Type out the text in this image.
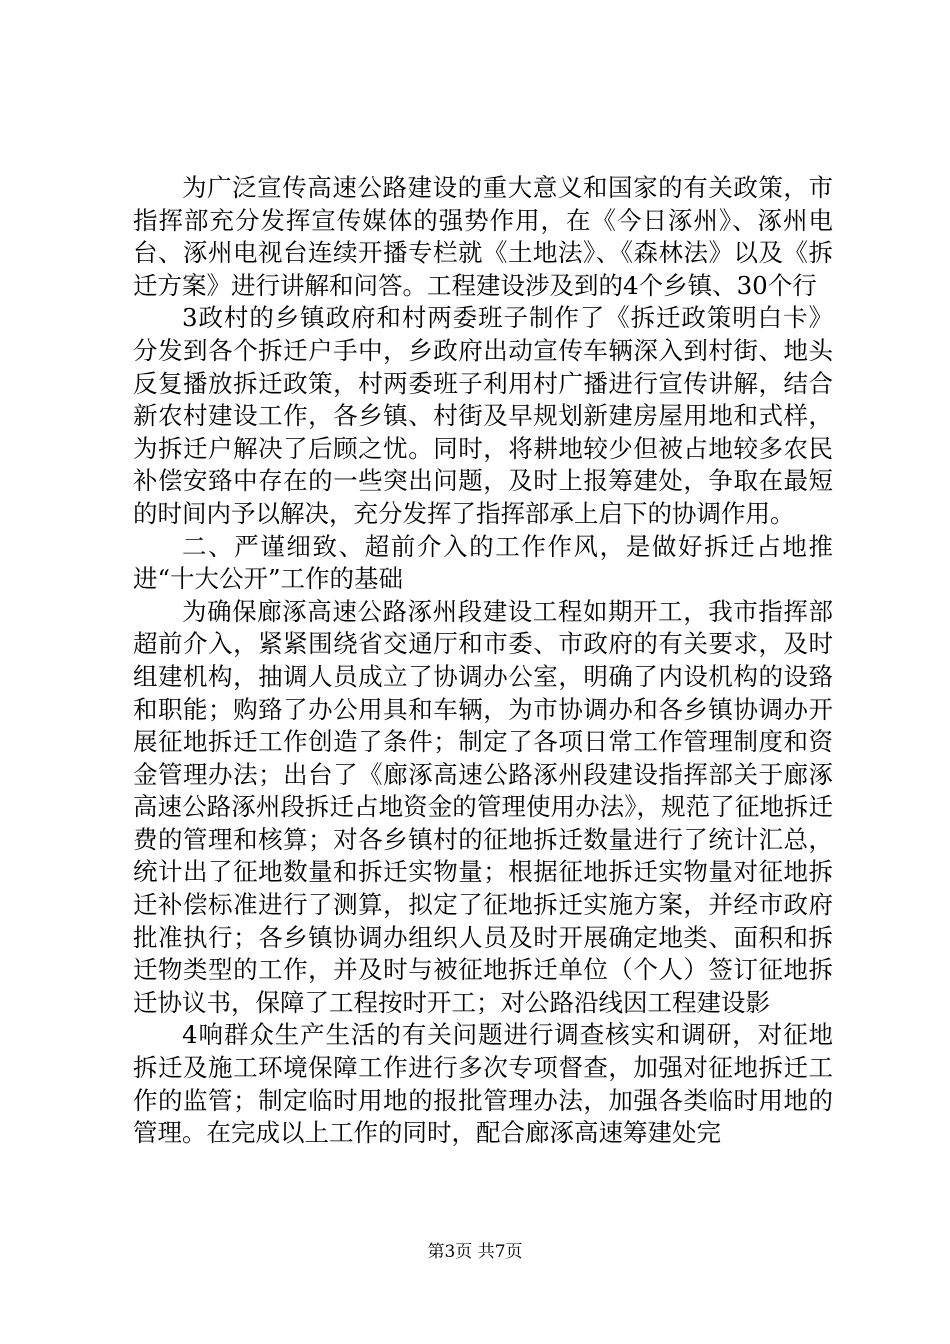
为广泛宣传高速公路建设的重大意义和国家的有关政策，市指挥部充分发挥宣传媒体的强势作用，在《今日涿州》、涿州电台、涿州电视台连续开播专栏就《土地法》、《森林法》以及《拆迁方案》进行讲解和问答。工程建设涉及到的4个乡镇、30个行

3政村的乡镇政府和村两委班子制作了《拆迁政策明白卡》分发到各个拆迁户手中，乡政府出动宣传车辆深入到村街、地头反复播放拆迁政策，村两委班子利用村广播进行宣传讲解，结合新农村建设工作，各乡镇、村街及早规划新建房屋用地和式样，为拆迁户解决了后顾之忧。同时，将耕地较少但被占地较多农民补偿安臵中存在的一些突出问题，及时上报筹建处，争取在最短的时间内予以解决，充分发挥了指挥部承上启下的协调作用。

二、严谨细致、超前介入的工作作风，是做好拆迁占地推进“十大公开”工作的基础

为确保廊涿高速公路涿州段建设工程如期开工，我市指挥部超前介入，紧紧围绕省交通厅和市委、市政府的有关要求，及时组建机构，抽调人员成立了协调办公室，明确了内设机构的设臵和职能；购臵了办公用具和车辆，为市协调办和各乡镇协调办开展征地拆迁工作创造了条件；制定了各项日常工作管理制度和资金管理办法；出台了《廊涿高速公路涿州段建设指挥部关于廊涿高速公路涿州段拆迁占地资金的管理使用办法》，规范了征地拆迁费的管理和核算；对各乡镇村的征地拆迁数量进行了统计汇总，统计出了征地数量和拆迁实物量；根据征地拆迁实物量对征地拆迁补偿标准进行了测算，拟定了征地拆迁实施方案，并经市政府批准执行；各乡镇协调办组织人员及时开展确定地类、面积和拆迁物类型的工作，并及时与被征地拆迁单位（个人）签订征地拆迁协议书，保障了工程按时开工；对公路沿线因工程建设影

4响群众生产生活的有关问题进行调查核实和调研，对征地拆迁及施工环境保障工作进行多次专项督查，加强对征地拆迁工作的监管；制定临时用地的报批管理办法，加强各类临时用地的管理。在完成以上工作的同时，配合廊涿高速筹建处完

第3页 共7页
